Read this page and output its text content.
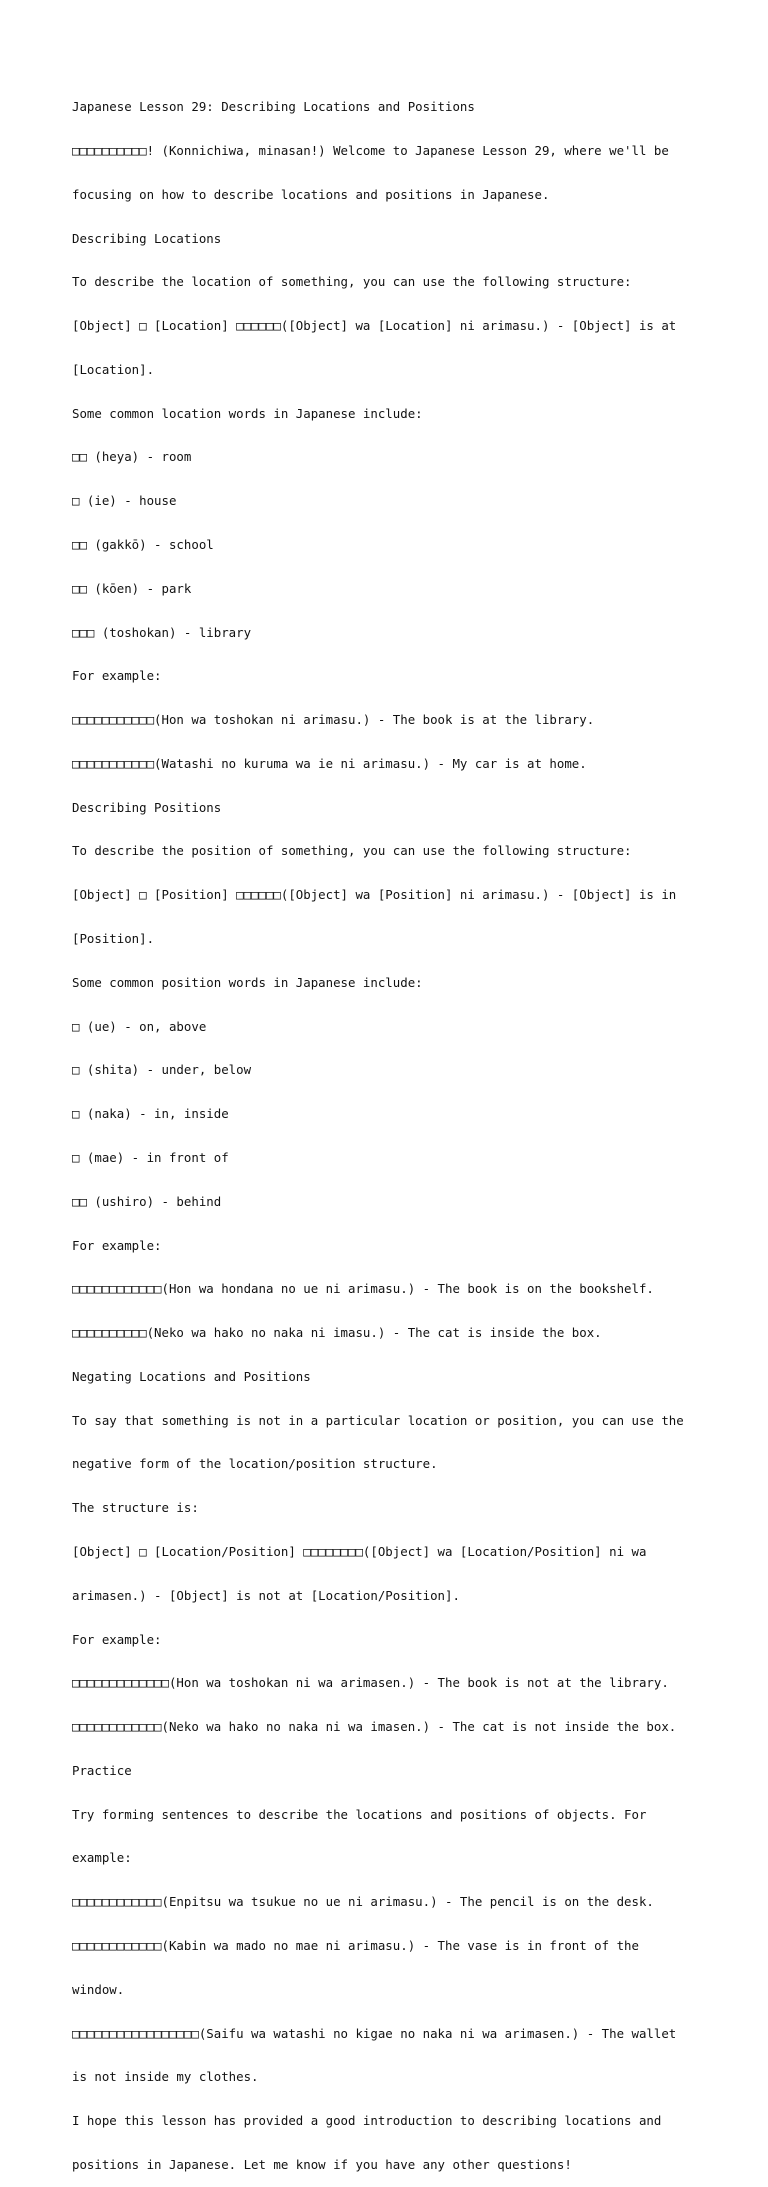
Japanese Lesson 29: Describing Locations and Positions

□□□□□□□□□□! (Konnichiwa, minasan!) Welcome to Japanese Lesson 29, where we'll be

focusing on how to describe locations and positions in Japanese.

Describing Locations

To describe the location of something, you can use the following structure:

[Object] □ [Location] □□□□□□([Object] wa [Location] ni arimasu.) - [Object] is at

[Location].

Some common location words in Japanese include:

□□ (heya) - room

□ (ie) - house

□□ (gakkō) - school

□□ (kōen) - park

□□□ (toshokan) - library

For example:

□□□□□□□□□□□(Hon wa toshokan ni arimasu.) - The book is at the library.

□□□□□□□□□□□(Watashi no kuruma wa ie ni arimasu.) - My car is at home.

Describing Positions

To describe the position of something, you can use the following structure:

[Object] □ [Position] □□□□□□([Object] wa [Position] ni arimasu.) - [Object] is in

[Position].

Some common position words in Japanese include:

□ (ue) - on, above

□ (shita) - under, below

□ (naka) - in, inside

□ (mae) - in front of

□□ (ushiro) - behind

For example:

□□□□□□□□□□□□(Hon wa hondana no ue ni arimasu.) - The book is on the bookshelf.

□□□□□□□□□□(Neko wa hako no naka ni imasu.) - The cat is inside the box.

Negating Locations and Positions

To say that something is not in a particular location or position, you can use the

negative form of the location/position structure.

The structure is:

[Object] □ [Location/Position] □□□□□□□□([Object] wa [Location/Position] ni wa

arimasen.) - [Object] is not at [Location/Position].

For example:

□□□□□□□□□□□□□(Hon wa toshokan ni wa arimasen.) - The book is not at the library.

□□□□□□□□□□□□(Neko wa hako no naka ni wa imasen.) - The cat is not inside the box.

Practice

Try forming sentences to describe the locations and positions of objects. For

example:

□□□□□□□□□□□□(Enpitsu wa tsukue no ue ni arimasu.) - The pencil is on the desk.

□□□□□□□□□□□□(Kabin wa mado no mae ni arimasu.) - The vase is in front of the

window.

□□□□□□□□□□□□□□□□□(Saifu wa watashi no kigae no naka ni wa arimasen.) - The wallet

is not inside my clothes.

I hope this lesson has provided a good introduction to describing locations and

positions in Japanese. Let me know if you have any other questions!
